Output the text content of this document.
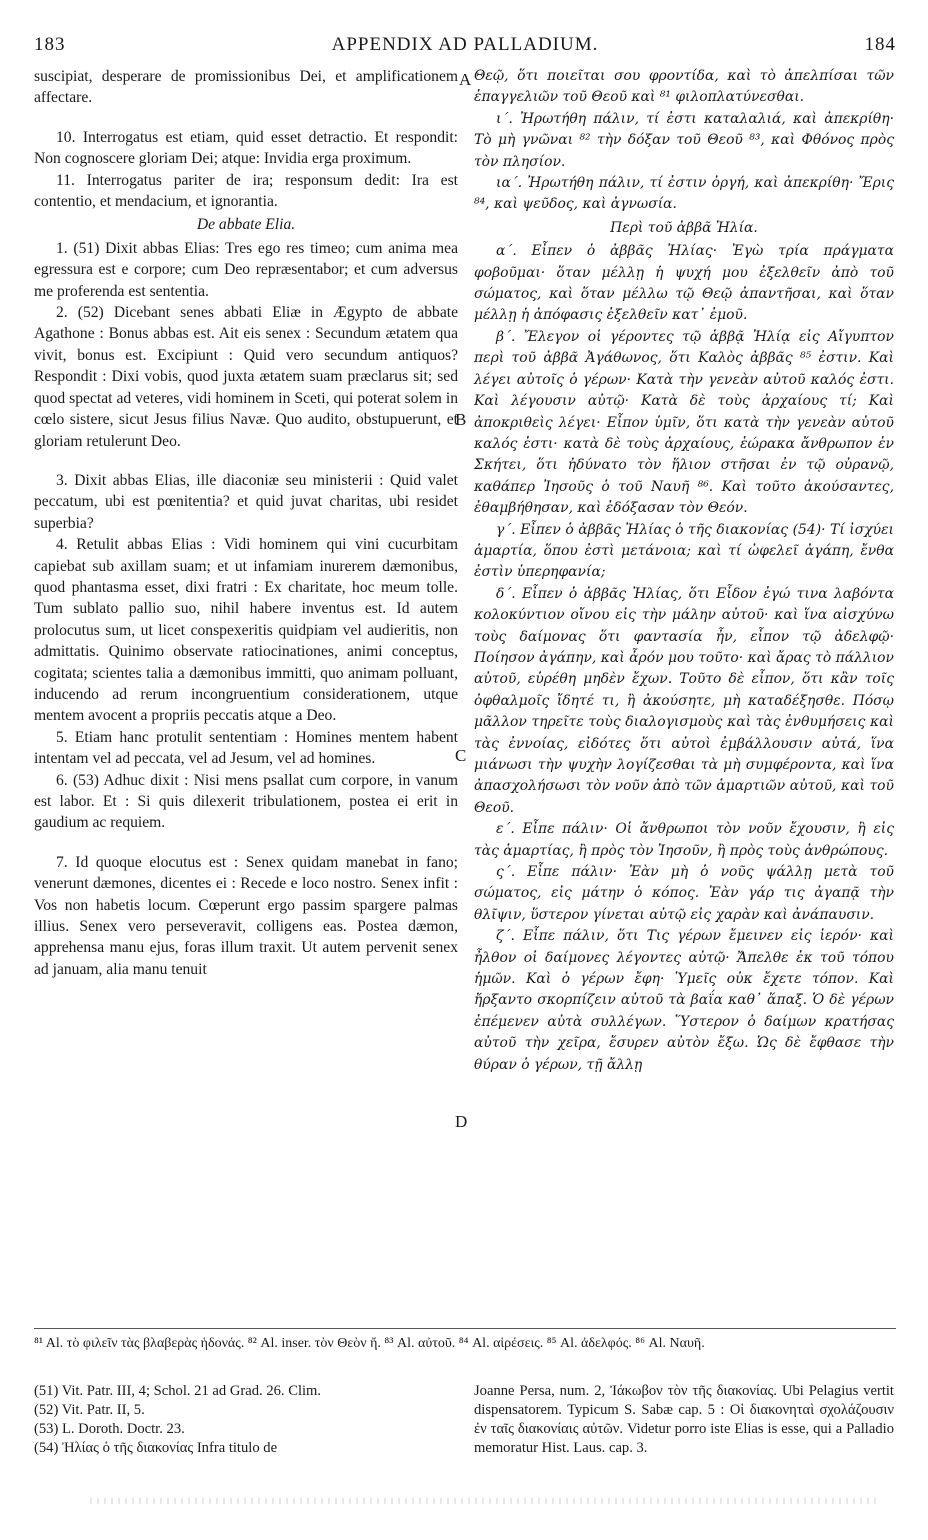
183	APPENDIX AD PALLADIUM.	184

suscipiat, desperare de promissionibus Dei, et amplificationem affectare.

10. Interrogatus est etiam, quid esset detractio. Et respondit: Non cognoscere gloriam Dei; atque: Invidia erga proximum.

11. Interrogatus pariter de ira; responsum dedit: Ira est contentio, et mendacium, et ignorantia.

De abbate Elia.

1. (51) Dixit abbas Elias: Tres ego res timeo; cum anima mea egressura est e corpore; cum Deo repræsentabor; et cum adversus me proferenda est sententia.

2. (52) Dicebant senes abbati Eliæ in Ægypto de abbate Agathone : Bonus abbas est. Ait eis senex : Secundum ætatem qua vivit, bonus est. Excipiunt : Quid vero secundum antiquos? Respondit : Dixi vobis, quod juxta ætatem suam præclarus sit; sed quod spectat ad veteres, vidi hominem in Sceti, qui poterat solem in cœlo sistere, sicut Jesus filius Navæ. Quo audito, obstupuerunt, et gloriam retulerunt Deo.

3. Dixit abbas Elias, ille diaconiæ seu ministerii : Quid valet peccatum, ubi est pœnitentia? et quid juvat charitas, ubi residet superbia?

4. Retulit abbas Elias : Vidi hominem qui vini cucurbitam capiebat sub axillam suam; et ut infamiam inurerem dæmonibus, quod phantasma esset, dixi fratri : Ex charitate, hoc meum tolle. Tum sublato pallio suo, nihil habere inventus est. Id autem prolocutus sum, ut licet conspexeritis quidpiam vel audieritis, non admittatis. Quinimo observate ratiocinationes, animi conceptus, cogitata; scientes talia a dæmonibus immitti, quo animam polluant, inducendo ad rerum incongruentium considerationem, utque mentem avocent a propriis peccatis atque a Deo.

5. Etiam hanc protulit sententiam : Homines mentem habent intentam vel ad peccata, vel ad Jesum, vel ad homines.

6. (53) Adhuc dixit : Nisi mens psallat cum corpore, in vanum est labor. Et : Si quis dilexerit tribulationem, postea ei erit in gaudium ac requiem.

7. Id quoque elocutus est : Senex quidam manebat in fano; venerunt dæmones, dicentes ei : Recede e loco nostro. Senex infit : Vos non habetis locum. Cœperunt ergo passim spargere palmas illius. Senex vero perseveravit, colligens eas. Postea dæmon, apprehensa manu ejus, foras illum traxit. Ut autem pervenit senex ad januam, alia manu tenuit

Θεῷ, ὅτι ποιεῖται σου φροντίδα, καὶ τὸ ἀπελπίσαι τῶν ἐπαγγελιῶν τοῦ Θεοῦ καὶ ⁸¹ φιλοπλατύνεσθαι.

ι΄. Ἠρωτήθη πάλιν, τί ἐστι καταλαλιά, καὶ ἀπεκρίθη· Τὸ μὴ γνῶναι ⁸² τὴν δόξαν τοῦ Θεοῦ ⁸³, καὶ Φθόνος πρὸς τὸν πλησίον.

ια΄. Ἠρωτήθη πάλιν, τί ἐστιν ὀργή, καὶ ἀπεκρίθη· Ἔρις ⁸⁴, καὶ ψεῦδος, καὶ ἀγνωσία.

Περὶ τοῦ ἀββᾶ Ἠλία.

α΄. Εἶπεν ὁ ἀββᾶς Ἠλίας· Ἐγὼ τρία πράγματα φοβοῦμαι· ὅταν μέλλῃ ἡ ψυχή μου ἐξελθεῖν ἀπὸ τοῦ σώματος, καὶ ὅταν μέλλω τῷ Θεῷ ἀπαντῆσαι, καὶ ὅταν μέλλῃ ἡ ἀπόφασις ἐξελθεῖν κατ᾽ ἐμοῦ.

β΄. Ἔλεγον οἱ γέροντες τῷ ἀββᾷ Ἠλίᾳ εἰς Αἴγυπτον περὶ τοῦ ἀββᾶ Ἀγάθωνος, ὅτι Καλὸς ἀββᾶς ⁸⁵ ἐστιν. Καὶ λέγει αὐτοῖς ὁ γέρων· Κατὰ τὴν γενεὰν αὐτοῦ καλός ἐστι. Καὶ λέγουσιν αὐτῷ· Κατὰ δὲ τοὺς ἀρχαίους τί; Καὶ ἀποκριθεὶς λέγει· Εἶπον ὑμῖν, ὅτι κατὰ τὴν γενεὰν αὐτοῦ καλός ἐστι· κατὰ δὲ τοὺς ἀρχαίους, ἑώρακα ἄνθρωπον ἐν Σκήτει, ὅτι ἠδύνατο τὸν ἥλιον στῆσαι ἐν τῷ οὐρανῷ, καθάπερ Ἰησοῦς ὁ τοῦ Ναυῆ ⁸⁶. Καὶ τοῦτο ἀκούσαντες, ἐθαμβήθησαν, καὶ ἐδόξασαν τὸν Θεόν.

γ΄. Εἶπεν ὁ ἀββᾶς Ἠλίας ὁ τῆς διακονίας (54)· Τί ἰσχύει ἁμαρτία, ὅπου ἐστὶ μετάνοια; καὶ τί ὠφελεῖ ἀγάπη, ἔνθα ἐστὶν ὑπερηφανία;

δ΄. Εἶπεν ὁ ἀββᾶς Ἠλίας, ὅτι Εἶδον ἐγώ τινα λαβόντα κολοκύντιον οἴνου εἰς τὴν μάλην αὐτοῦ· καὶ ἵνα αἰσχύνω τοὺς δαίμονας ὅτι φαντασία ἦν, εἶπον τῷ ἀδελφῷ· Ποίησον ἀγάπην, καὶ ἆρόν μου τοῦτο· καὶ ἄρας τὸ πάλλιον αὐτοῦ, εὑρέθη μηδὲν ἔχων. Τοῦτο δὲ εἶπον, ὅτι κἂν τοῖς ὀφθαλμοῖς ἴδητέ τι, ἢ ἀκούσητε, μὴ καταδέξησθε. Πόσῳ μᾶλλον τηρεῖτε τοὺς διαλογισμοὺς καὶ τὰς ἐνθυμήσεις καὶ τὰς ἐννοίας, εἰδότες ὅτι αὐτοὶ ἐμβάλλουσιν αὐτά, ἵνα μιάνωσι τὴν ψυχὴν λογίζεσθαι τὰ μὴ συμφέροντα, καὶ ἵνα ἀπασχολήσωσι τὸν νοῦν ἀπὸ τῶν ἁμαρτιῶν αὐτοῦ, καὶ τοῦ Θεοῦ.

ε΄. Εἶπε πάλιν· Οἱ ἄνθρωποι τὸν νοῦν ἔχουσιν, ἢ εἰς τὰς ἁμαρτίας, ἢ πρὸς τὸν Ἰησοῦν, ἢ πρὸς τοὺς ἀνθρώπους.

ς΄. Εἶπε πάλιν· Ἐὰν μὴ ὁ νοῦς ψάλλῃ μετὰ τοῦ σώματος, εἰς μάτην ὁ κόπος. Ἐὰν γάρ τις ἀγαπᾷ τὴν θλῖψιν, ὕστερον γίνεται αὐτῷ εἰς χαρὰν καὶ ἀνάπαυσιν.

ζ΄. Εἶπε πάλιν, ὅτι Τις γέρων ἔμεινεν εἰς ἱερόν· καὶ ἦλθον οἱ δαίμονες λέγοντες αὐτῷ· Ἄπελθε ἐκ τοῦ τόπου ἡμῶν. Καὶ ὁ γέρων ἔφη· Ὑμεῖς οὐκ ἔχετε τόπον. Καὶ ἤρξαντο σκορπίζειν αὐτοῦ τὰ βαΐα καθ᾽ ἅπαξ. Ὁ δὲ γέρων ἐπέμενεν αὐτὰ συλλέγων. Ὕστερον ὁ δαίμων κρατήσας αὐτοῦ τὴν χεῖρα, ἔσυρεν αὐτὸν ἔξω. Ὡς δὲ ἔφθασε τὴν θύραν ὁ γέρων, τῇ ἄλλῃ

A
B
C
D

⁸¹ Al. τὸ φιλεῖν τὰς βλαβερὰς ἡδονάς. ⁸² Al. inser. τὸν Θεὸν ἤ. ⁸³ Al. αὐτοῦ. ⁸⁴ Al. αἱρέσεις. ⁸⁵ Al. ἀδελφός. ⁸⁶ Al. Ναυῆ.

(51) Vit. Patr. III, 4; Schol. 21 ad Grad. 26. Clim.

(52) Vit. Patr. II, 5.

(53) L. Doroth. Doctr. 23.

(54) Ἠλίας ὁ τῆς διακονίας Infra titulo de

Joanne Persa, num. 2, Ἰάκωβον τὸν τῆς διακονίας. Ubi Pelagius vertit dispensatorem. Typicum S. Sabæ cap. 5 : Οἱ διακονηταὶ σχολάζουσιν ἐν ταῖς διακονίαις αὐτῶν. Videtur porro iste Elias is esse, qui a Palladio memoratur Hist. Laus. cap. 3.
